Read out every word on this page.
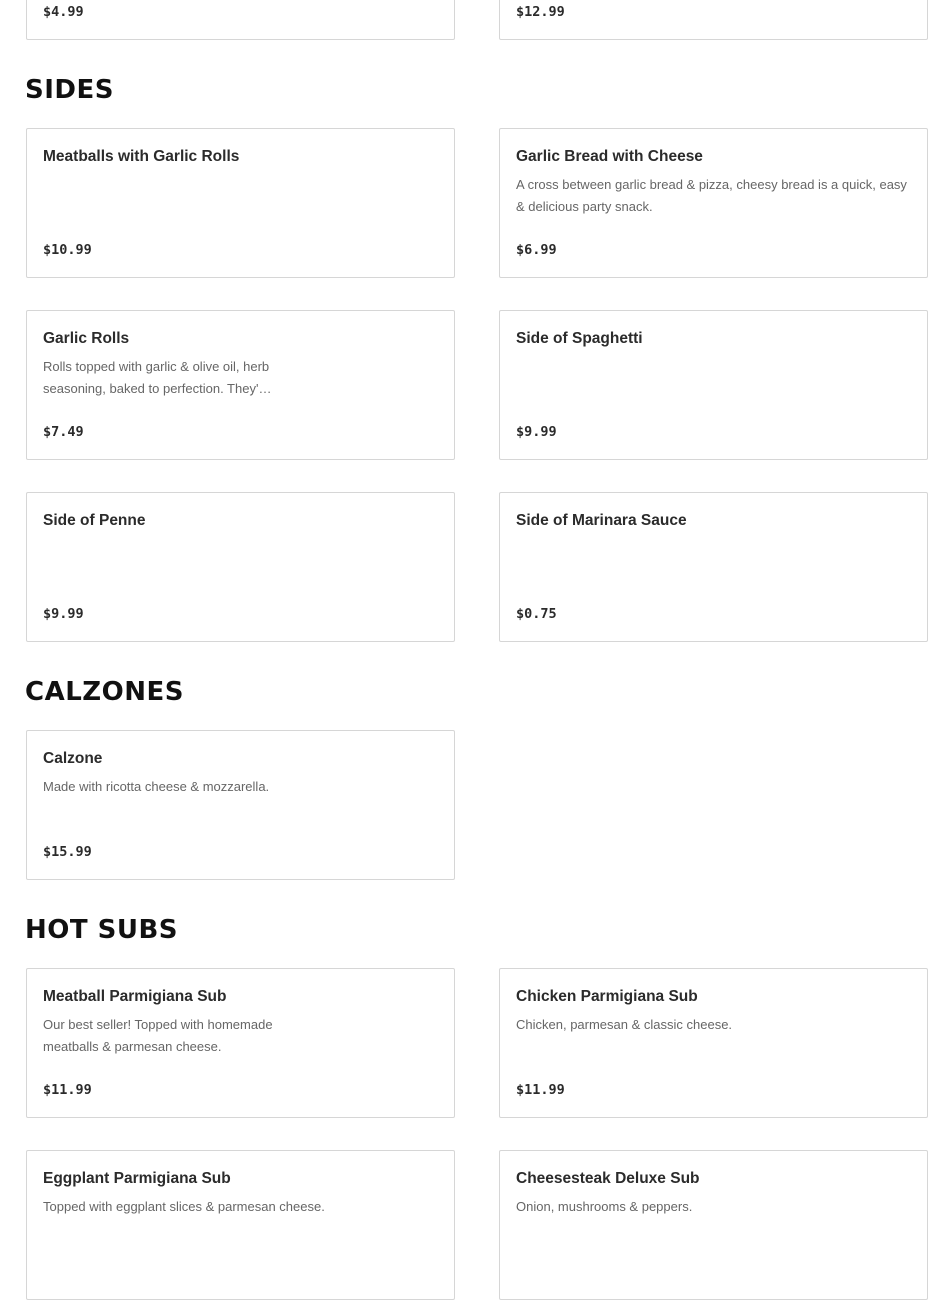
$4.99	$12.99
SIDES
Meatballs with Garlic Rolls
$10.99
Garlic Bread with Cheese
A cross between garlic bread & pizza, cheesy bread is a quick, easy & delicious party snack.
$6.99
Garlic Rolls
Rolls topped with garlic & olive oil, herb seasoning, baked to perfection. They'…
$7.49
Side of Spaghetti
$9.99
Side of Penne
$9.99
Side of Marinara Sauce
$0.75
CALZONES
Calzone
Made with ricotta cheese & mozzarella.
$15.99
HOT SUBS
Meatball Parmigiana Sub
Our best seller! Topped with homemade meatballs & parmesan cheese.
$11.99
Chicken Parmigiana Sub
Chicken, parmesan & classic cheese.
$11.99
Eggplant Parmigiana Sub
Topped with eggplant slices & parmesan cheese.
Cheesesteak Deluxe Sub
Onion, mushrooms & peppers.
